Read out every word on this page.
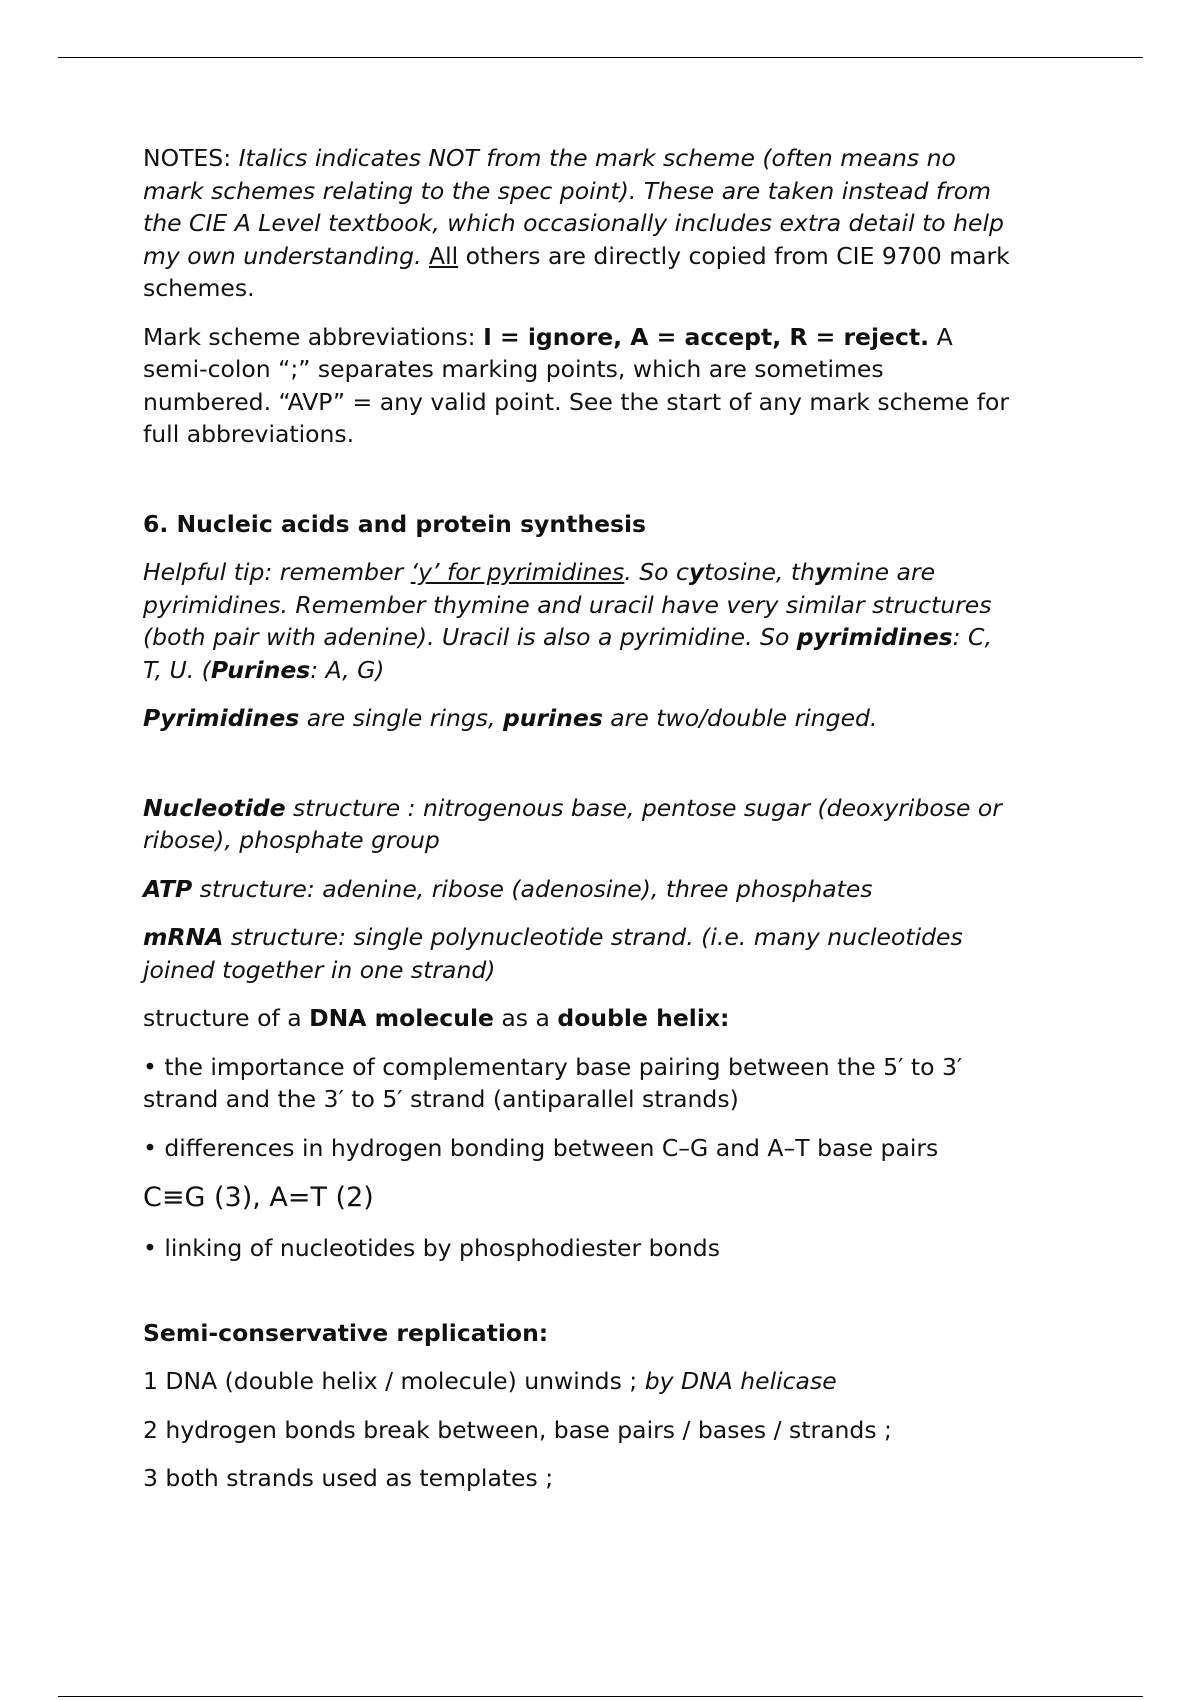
NOTES: Italics indicates NOT from the mark scheme (often means no mark schemes relating to the spec point). These are taken instead from the CIE A Level textbook, which occasionally includes extra detail to help my own understanding. All others are directly copied from CIE 9700 mark schemes.

Mark scheme abbreviations: I = ignore, A = accept, R = reject. A semi-colon “;” separates marking points, which are sometimes numbered. “AVP” = any valid point. See the start of any mark scheme for full abbreviations.

6. Nucleic acids and protein synthesis

Helpful tip: remember ‘y’ for pyrimidines. So cytosine, thymine are pyrimidines. Remember thymine and uracil have very similar structures (both pair with adenine). Uracil is also a pyrimidine. So pyrimidines: C, T, U. (Purines: A, G)

Pyrimidines are single rings, purines are two/double ringed.

Nucleotide structure : nitrogenous base, pentose sugar (deoxyribose or ribose), phosphate group

ATP structure: adenine, ribose (adenosine), three phosphates

mRNA structure: single polynucleotide strand. (i.e. many nucleotides joined together in one strand)

structure of a DNA molecule as a double helix:

• the importance of complementary base pairing between the 5′ to 3′ strand and the 3′ to 5′ strand (antiparallel strands)

• differences in hydrogen bonding between C–G and A–T base pairs

C≡G (3), A=T (2)

• linking of nucleotides by phosphodiester bonds

Semi-conservative replication:

1 DNA (double helix / molecule) unwinds ; by DNA helicase

2 hydrogen bonds break between, base pairs / bases / strands ;

3 both strands used as templates ;
